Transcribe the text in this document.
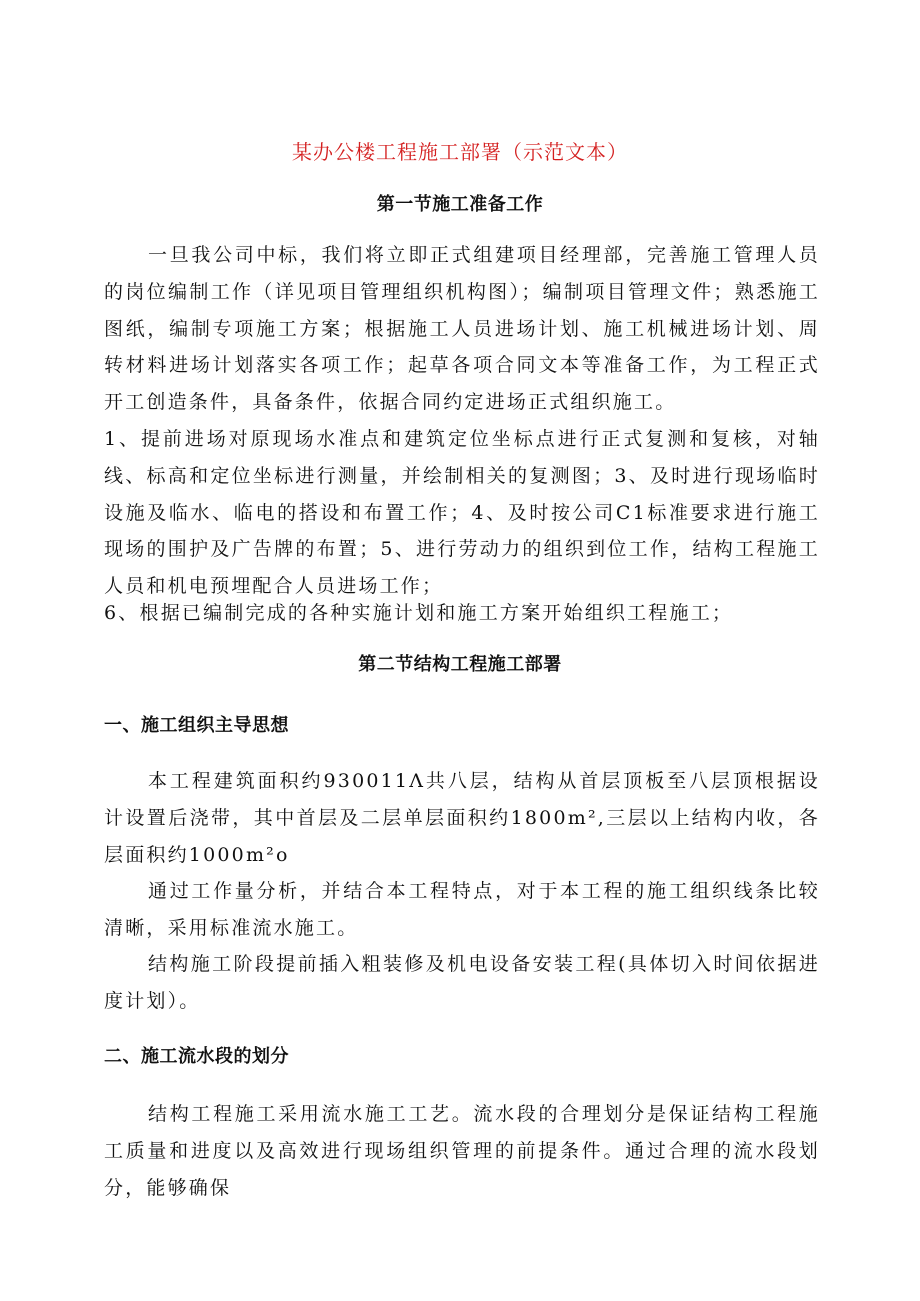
某办公楼工程施工部署（示范文本）
第一节施工准备工作

一旦我公司中标，我们将立即正式组建项目经理部，完善施工管理人员的岗位编制工作（详见项目管理组织机构图）；编制项目管理文件；熟悉施工图纸，编制专项施工方案；根据施工人员进场计划、施工机械进场计划、周转材料进场计划落实各项工作；起草各项合同文本等准备工作，为工程正式开工创造条件，具备条件，依据合同约定进场正式组织施工。

1、提前进场对原现场水准点和建筑定位坐标点进行正式复测和复核，对轴线、标高和定位坐标进行测量，并绘制相关的复测图；3、及时进行现场临时设施及临水、临电的搭设和布置工作；4、及时按公司C1标准要求进行施工现场的围护及广告牌的布置；5、进行劳动力的组织到位工作，结构工程施工人员和机电预埋配合人员进场工作；

6、根据已编制完成的各种实施计划和施工方案开始组织工程施工；

第二节结构工程施工部署
一、施工组织主导思想

本工程建筑面积约930011Λ共八层，结构从首层顶板至八层顶根据设计设置后浇带，其中首层及二层单层面积约1800m²,三层以上结构内收，各层面积约1000m²o

通过工作量分析，并结合本工程特点，对于本工程的施工组织线条比较清晰，采用标准流水施工。

结构施工阶段提前插入粗装修及机电设备安装工程(具体切入时间依据进度计划）。

二、施工流水段的划分

结构工程施工采用流水施工工艺。流水段的合理划分是保证结构工程施工质量和进度以及高效进行现场组织管理的前提条件。通过合理的流水段划分，能够确保
